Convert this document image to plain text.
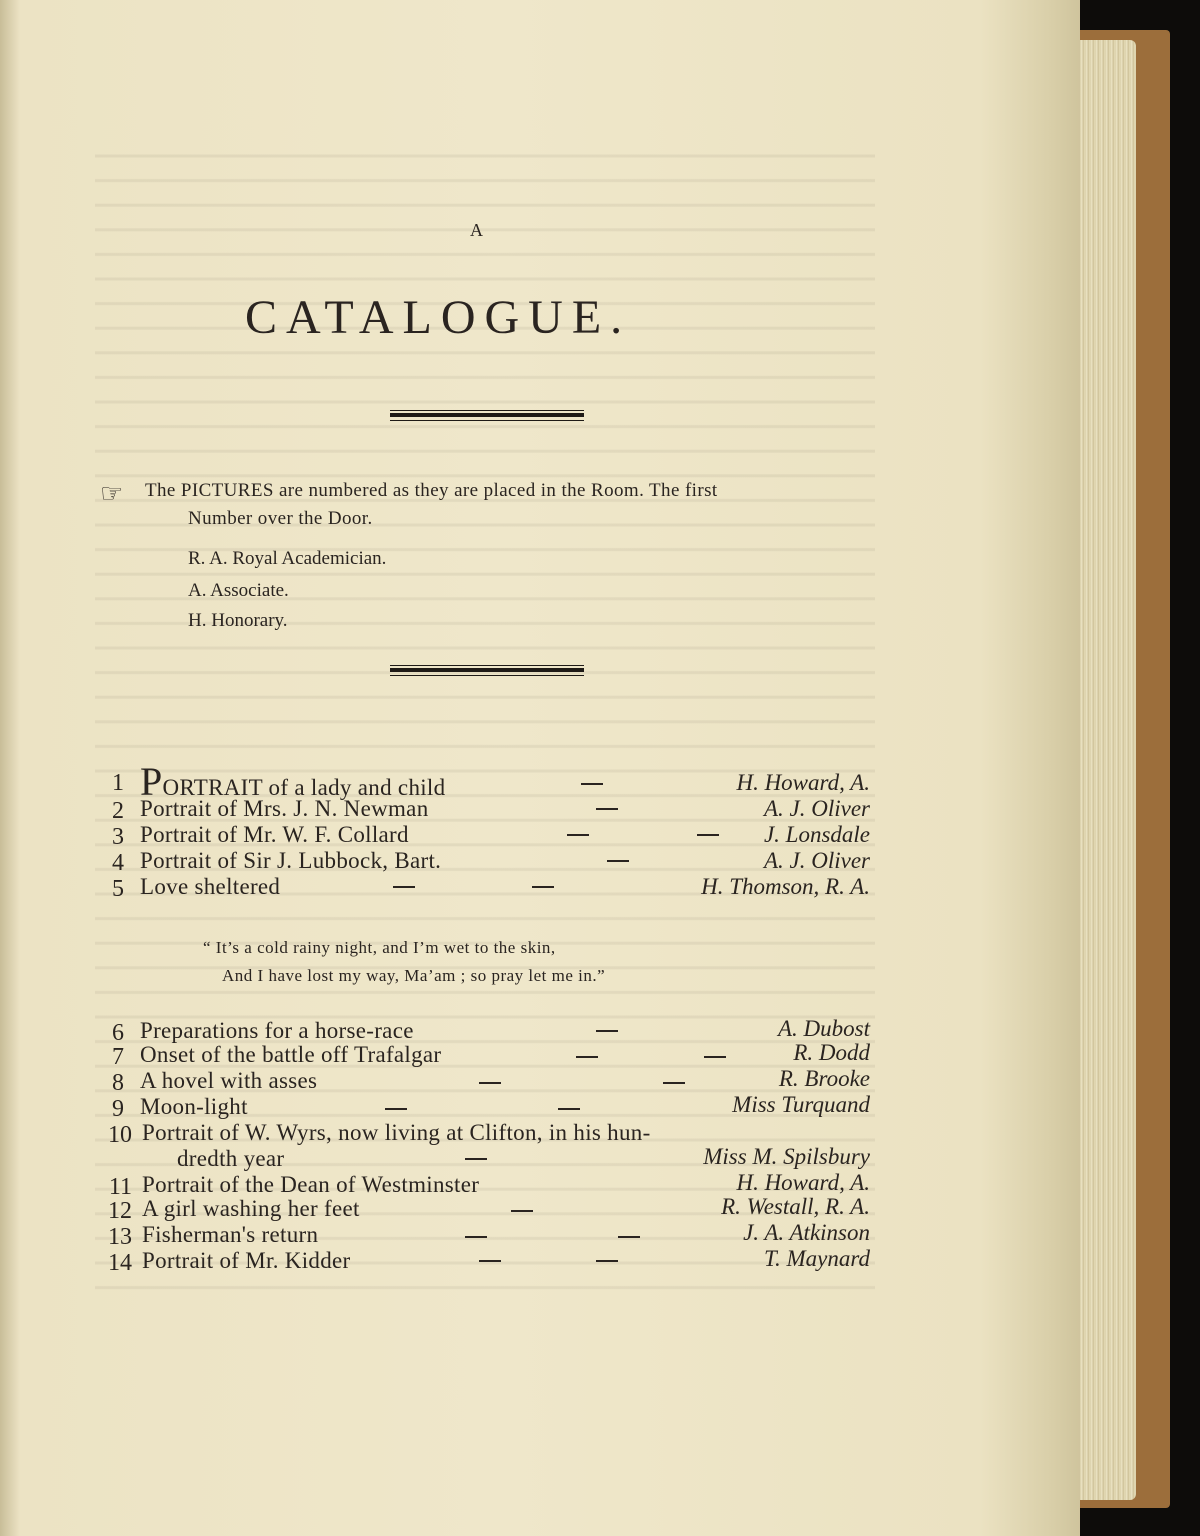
A
CATALOGUE.
☞ The PICTURES are numbered as they are placed in the Room. The first
Number over the Door.
R. A. Royal Academician.
A. Associate.
H. Honorary.
1 PORTRAIT of a lady and child	H. Howard, A.
2 Portrait of Mrs. J. N. Newman	A. J. Oliver
3 Portrait of Mr. W. F. Collard	J. Lonsdale
4 Portrait of Sir J. Lubbock, Bart.	A. J. Oliver
5 Love sheltered	H. Thomson, R. A.
“ It’s a cold rainy night, and I’m wet to the skin,
And I have lost my way, Ma’am ; so pray let me in.”
6 Preparations for a horse-race	A. Dubost
7 Onset of the battle off Trafalgar	R. Dodd
8 A hovel with asses	R. Brooke
9 Moon-light	Miss Turquand
10 Portrait of W. Wyrs, now living at Clifton, in his hun-
dredth year	Miss M. Spilsbury
11 Portrait of the Dean of Westminster	H. Howard, A.
12 A girl washing her feet	R. Westall, R. A.
13 Fisherman's return	J. A. Atkinson
14 Portrait of Mr. Kidder	T. Maynard
